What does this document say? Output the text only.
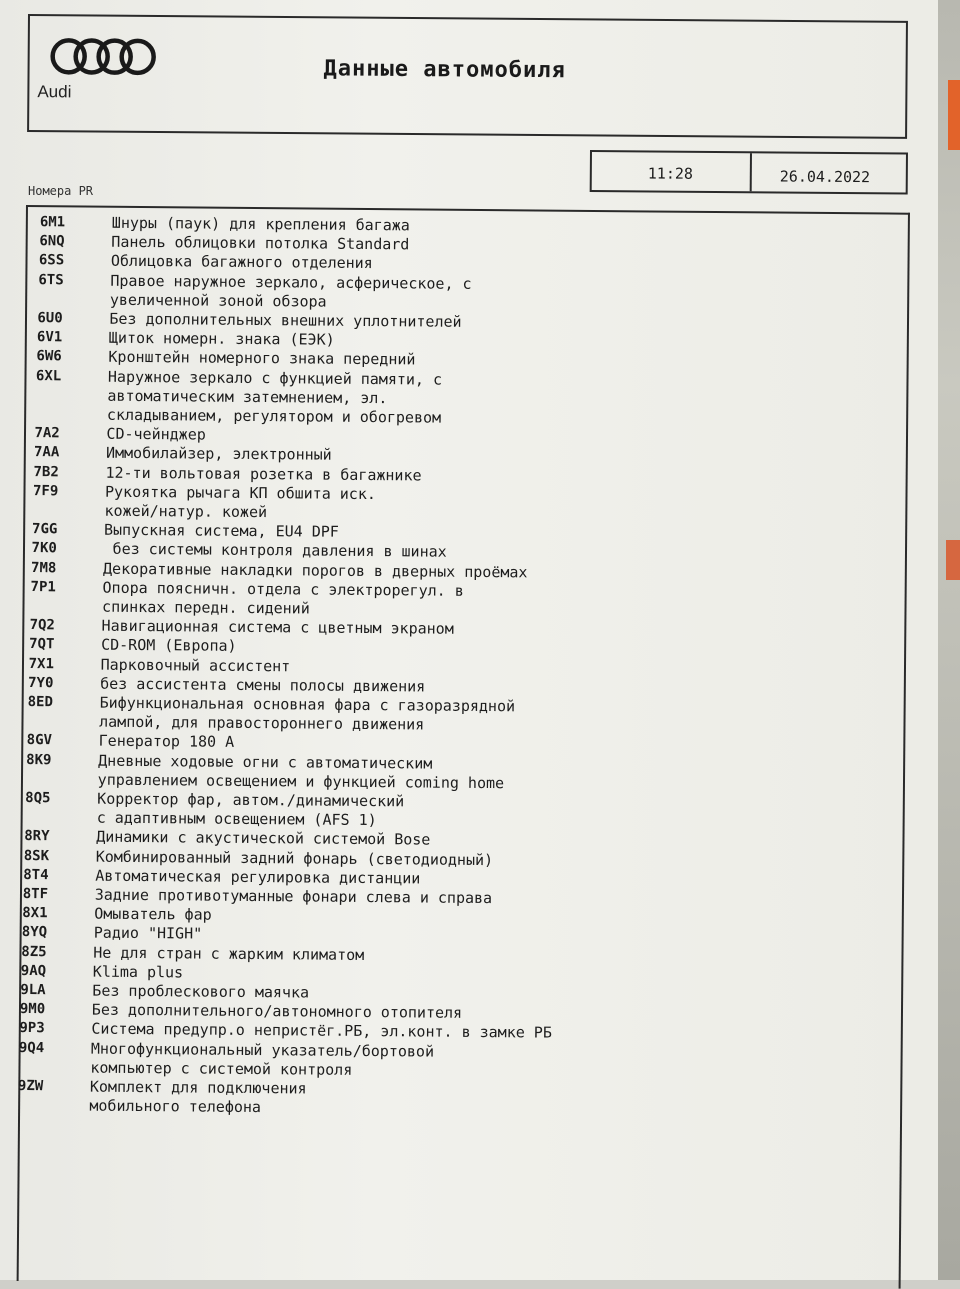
Audi
Данные автомобиля
11:28	26.04.2022
Номера PR
6M1	Шнуры (паук) для крепления багажа
6NQ	Панель облицовки потолка Standard
6SS	Облицовка багажного отделения
6TS	Правое наружное зеркало, асферическое, с
увеличенной зоной обзора
6U0	Без дополнительных внешних уплотнителей
6V1	Щиток номерн. знака (ЕЭК)
6W6	Кронштейн номерного знака передний
6XL	Наружное зеркало с функцией памяти, с
автоматическим затемнением, эл.
складыванием, регулятором и обогревом
7A2	CD-чейнджер
7AA	Иммобилайзер, электронный
7B2	12-ти вольтовая розетка в багажнике
7F9	Рукоятка рычага КП обшита иск.
кожей/натур. кожей
7GG	Выпускная система, EU4 DPF
7K0	без системы контроля давления в шинах
7M8	Декоративные накладки порогов в дверных проёмах
7P1	Опора поясничн. отдела с электрорегул. в
спинках передн. сидений
7Q2	Навигационная система с цветным экраном
7QT	CD-ROM (Европа)
7X1	Парковочный ассистент
7Y0	без ассистента смены полосы движения
8ED	Бифункциональная основная фара с газоразрядной
лампой, для правостороннего движения
8GV	Генератор 180 А
8K9	Дневные ходовые огни с автоматическим
управлением освещением и функцией coming home
8Q5	Корректор фар, автом./динамический
с адаптивным освещением (AFS 1)
8RY	Динамики с акустической системой Bose
8SK	Комбинированный задний фонарь (светодиодный)
8T4	Автоматическая регулировка дистанции
8TF	Задние противотуманные фонари слева и справа
8X1	Омыватель фар
8YQ	Радио "HIGH"
8Z5	Не для стран с жарким климатом
9AQ	Klima plus
9LA	Без проблескового маячка
9M0	Без дополнительного/автономного отопителя
9P3	Система предупр.о непристёг.РБ, эл.конт. в замке РБ
9Q4	Многофункциональный указатель/бортовой
компьютер с системой контроля
9ZW	Комплект для подключения
мобильного телефона
